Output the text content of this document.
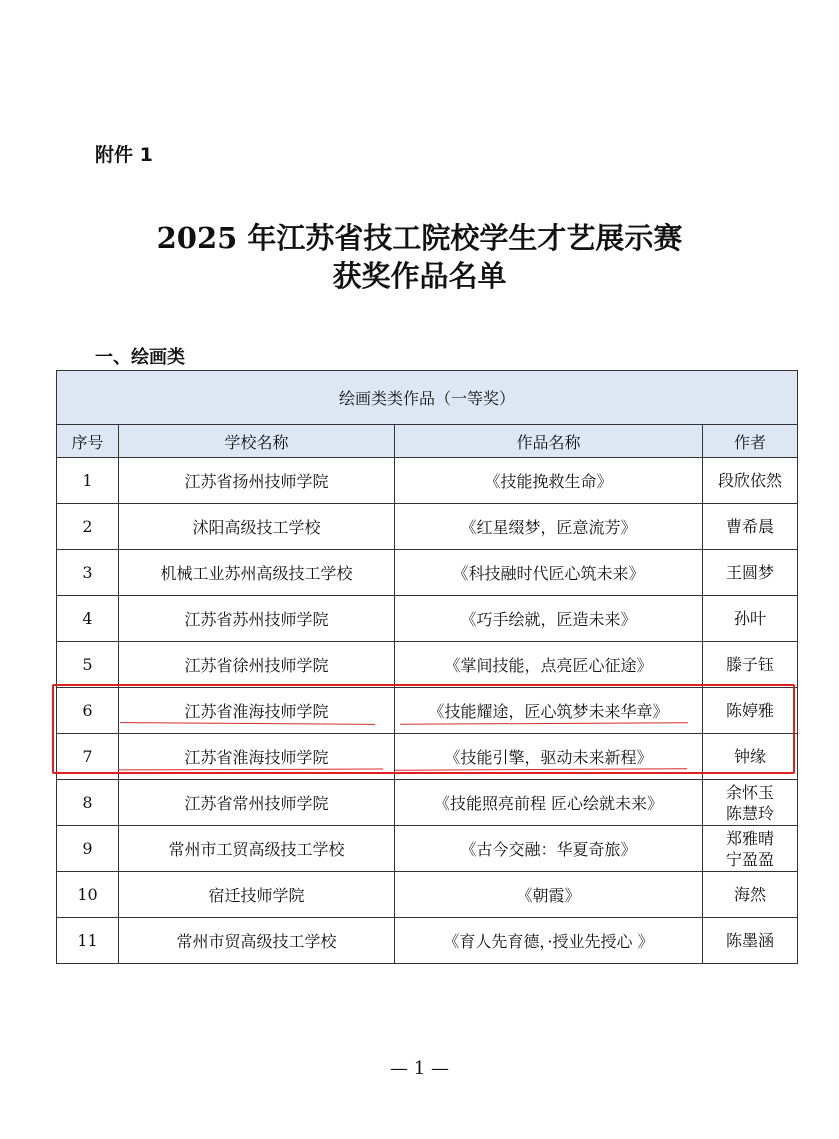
附件 1

2025 年江苏省技工院校学生才艺展示赛
获奖作品名单

一、绘画类

绘画类类作品（一等奖）			
序号	学校名称	作品名称	作者
1	江苏省扬州技师学院	《技能挽救生命》	段欣依然
2	沭阳高级技工学校	《红星缀梦，匠意流芳》	曹希晨
3	机械工业苏州高级技工学校	《科技融时代匠心筑未来》	王圆梦
4	江苏省苏州技师学院	《巧手绘就，匠造未来》	孙叶
5	江苏省徐州技师学院	《掌间技能，点亮匠心征途》	滕子钰
6	江苏省淮海技师学院	《技能耀途，匠心筑梦未来华章》	陈婷雅
7	江苏省淮海技师学院	《技能引擎，驱动未来新程》	钟缘
8	江苏省常州技师学院	《技能照亮前程 匠心绘就未来》	余怀玉
陈慧玲

9	常州市工贸高级技工学校	《古今交融：华夏奇旅》	郑雅晴
宁盈盈

10	宿迁技师学院	《朝霞》	海然
11	常州市贸高级技工学校	《育人先育德，·授业先授心 》	陈墨涵

— 1 —
